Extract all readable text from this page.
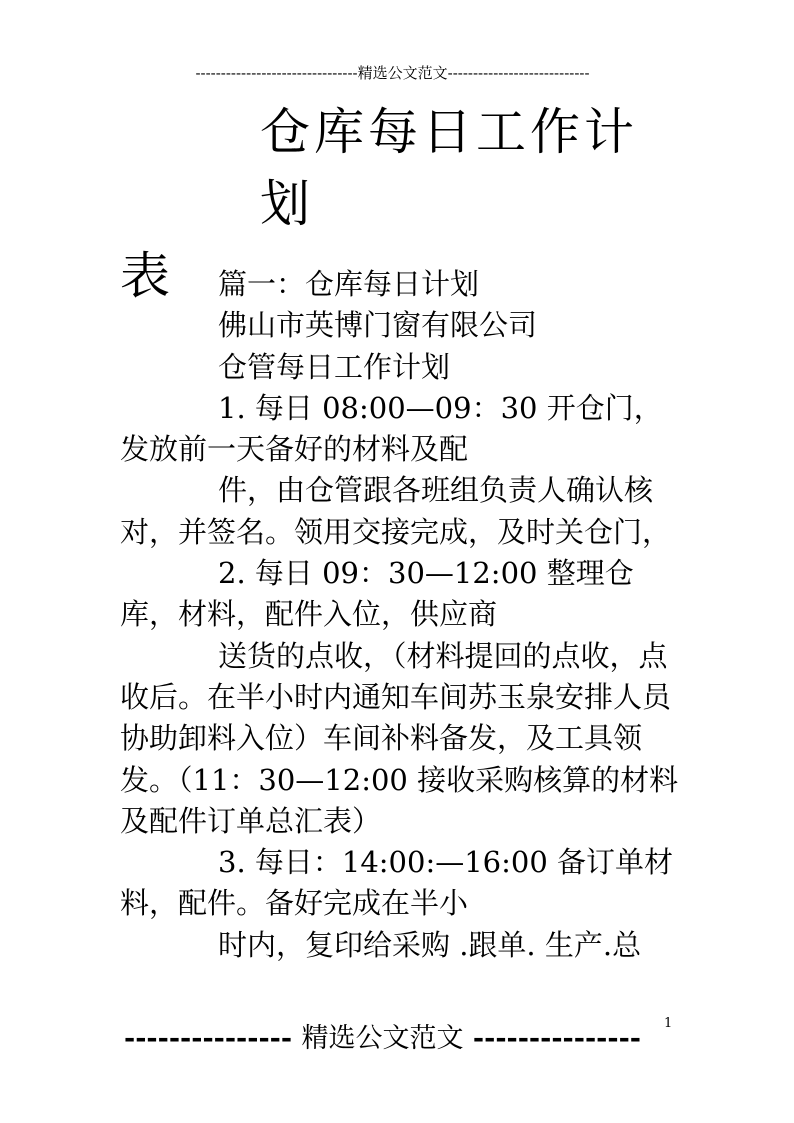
--------------------------------精选公文范文----------------------------
仓库每日工作计划
表	篇一：仓库每日计划

佛山市英博门窗有限公司

仓管每日工作计划

1. 每日 08:00—09：30 开仓门，发放前一天备好的材料及配

件，由仓管跟各班组负责人确认核对，并签名。领用交接完成，及时关仓门，

2. 每日 09：30—12:00 整理仓库，材料，配件入位，供应商

送货的点收，（材料提回的点收，点收后。在半小时内通知车间苏玉泉安排人员协助卸料入位）车间补料备发，及工具领发。（11：30—12:00 接收采购核算的材料及配件订单总汇表）

3. 每日：14:00:—16:00 备订单材料，配件。备好完成在半小

时内，复印给采购 .跟单. 生产.总

1
--------------- 精选公文范文 ---------------
